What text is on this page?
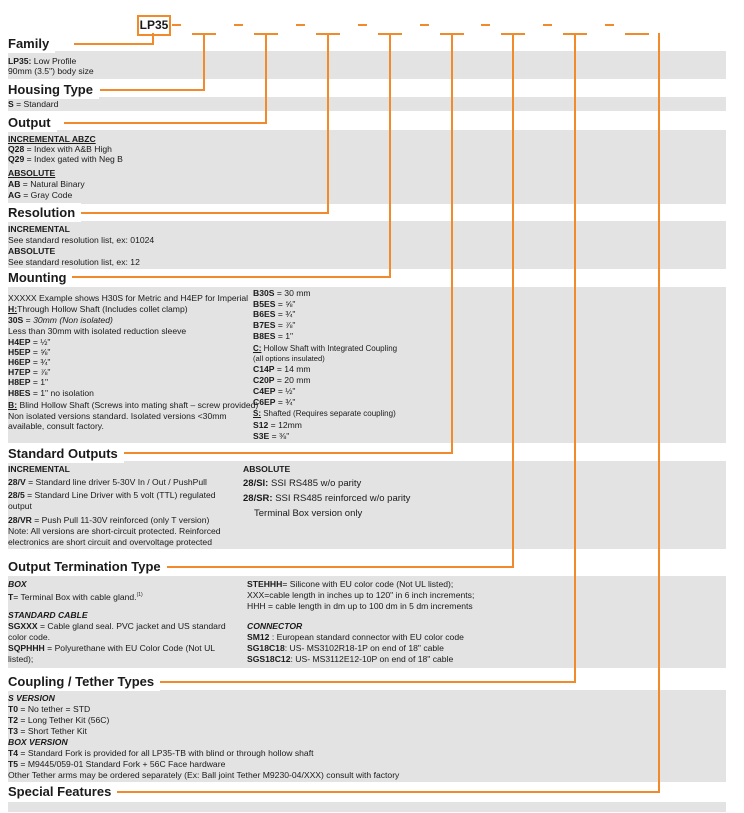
LP35
Family
Housing Type
Output
Resolution
Mounting
Standard Outputs
Output Termination Type
Coupling / Tether Types
Special Features
LP35: Low Profile
90mm (3.5") body size
S = Standard
INCREMENTAL ABZC
Q28 = Index with A&B High
Q29 = Index gated with Neg B
ABSOLUTE
AB = Natural Binary
AG = Gray Code
INCREMENTAL
See standard resolution list, ex: 01024
ABSOLUTE
See standard resolution list, ex: 12
XXXXX Example shows H30S for Metric and H4EP for Imperial
H:Through Hollow Shaft (Includes collet clamp)
30S = 30mm (Non isolated)
Less than 30mm with isolated reduction sleeve
H4EP = ½"
H5EP = ⅝"
H6EP = ¾"
H7EP = ⅞"
H8EP = 1"
H8ES = 1" no isolation
B: Blind Hollow Shaft (Screws into mating shaft – screw provided)
Non isolated versions standard. Isolated versions <30mm
available, consult factory.
B30S = 30 mm
B5ES = ⅝"
B6ES = ¾"
B7ES = ⅞"
B8ES = 1"
C: Hollow Shaft with Integrated Coupling
(all options insulated)
C14P = 14 mm
C20P = 20 mm
C4EP = ½"
C6EP = ¾"
S: Shafted (Requires separate coupling)
S12 = 12mm
S3E = ⅜"
INCREMENTAL
28/V = Standard line driver 5-30V In / Out / PushPull
28/5 = Standard Line Driver with 5 volt (TTL) regulated
output
28/VR = Push Pull 11-30V reinforced (only T version)
Note: All versions are short-circuit protected. Reinforced
electronics are short circuit and overvoltage protected
ABSOLUTE
28/SI: SSI RS485 w/o parity
28/SR: SSI RS485 reinforced w/o parity
Terminal Box version only
BOX
T= Terminal Box with cable gland.$^{(1)}$
STANDARD CABLE
SGXXX = Cable gland seal. PVC jacket and US standard
color code.
SQPHHH = Polyurethane with EU Color Code (Not UL
listed);
STEHHH= Silicone with EU color code (Not UL listed);
XXX=cable length in inches up to 120" in 6 inch increments;
HHH = cable length in dm up to 100 dm in 5 dm increments
CONNECTOR
SM12 : European standard connector with EU color code
SG18C18: US- MS3102R18-1P on end of 18" cable
SGS18C12: US- MS3112E12-10P on end of 18" cable
S VERSION
T0 = No tether = STD
T2 = Long Tether Kit (56C)
T3 = Short Tether Kit
BOX VERSION
T4 = Standard Fork is provided for all LP35-TB with blind or through hollow shaft
T5 = M9445/059-01 Standard Fork + 56C Face hardware
Other Tether arms may be ordered separately (Ex: Ball joint Tether M9230-04/XXX) consult with factory
